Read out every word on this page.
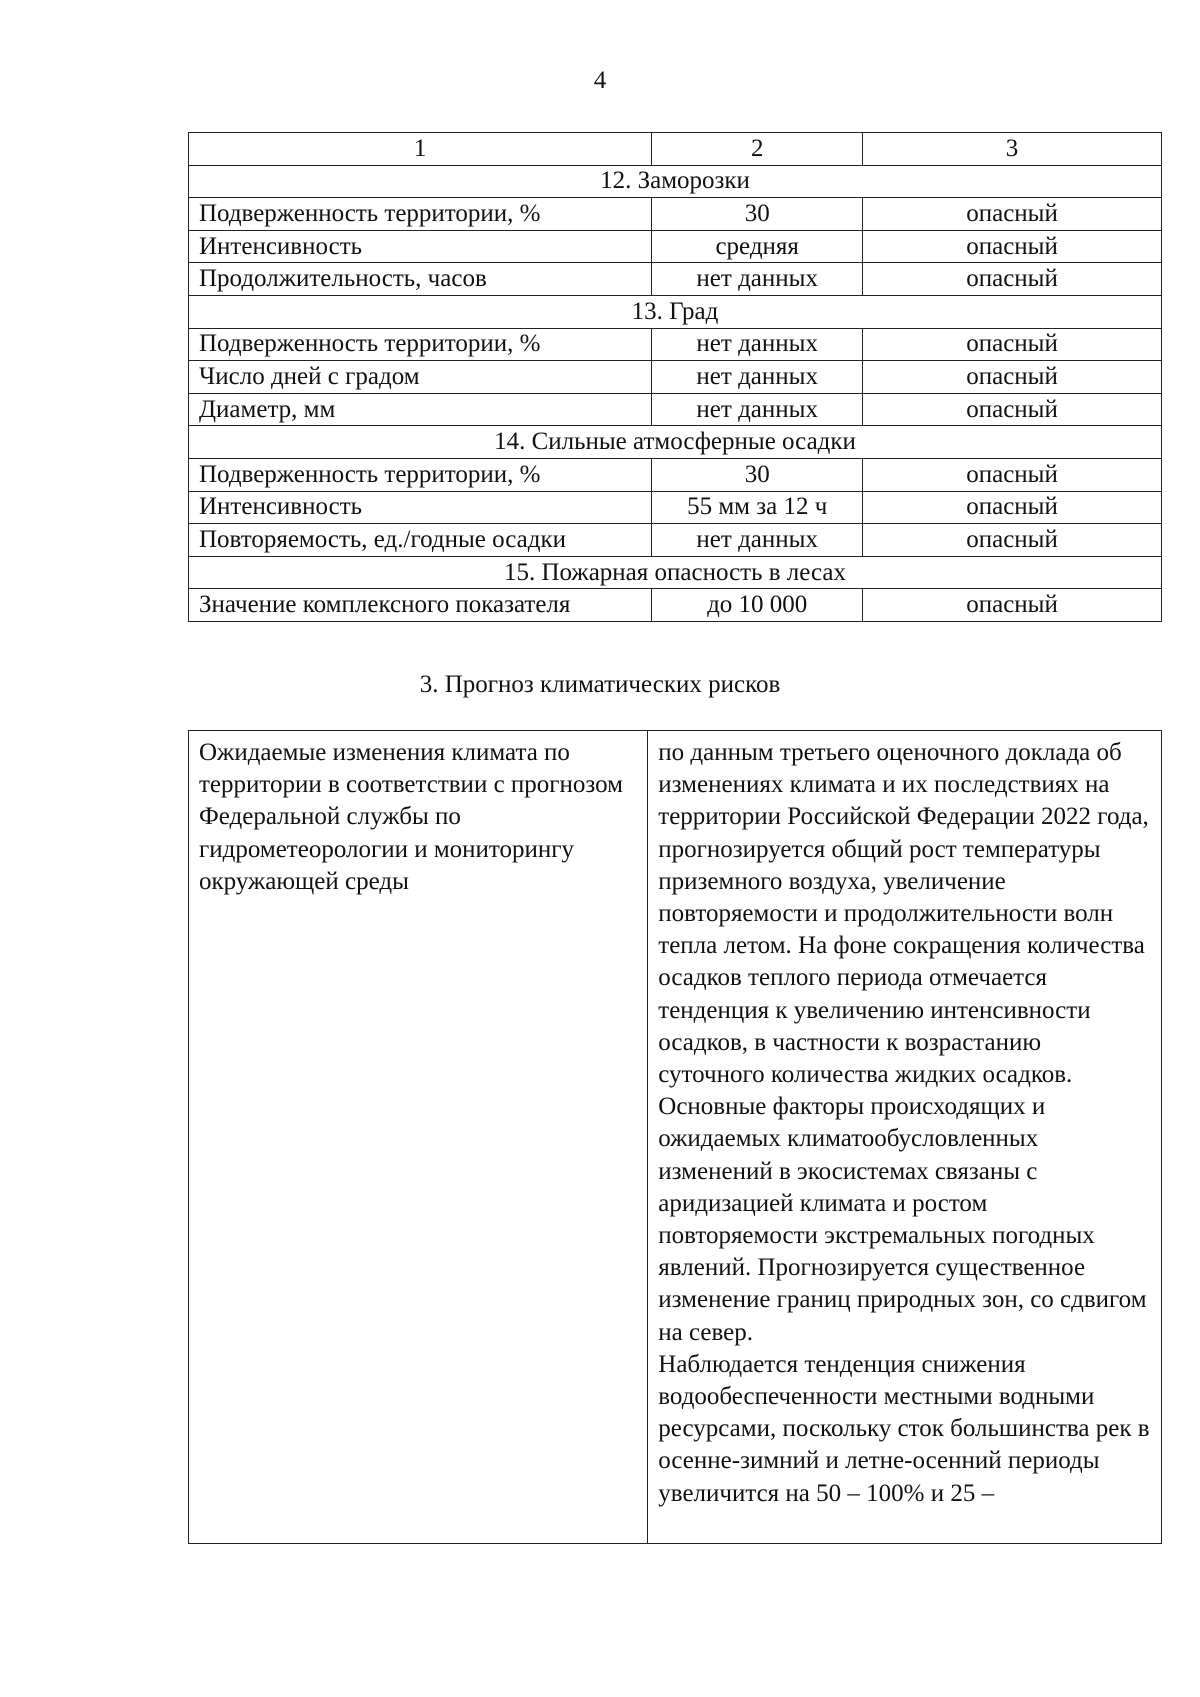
4
1	2	3
12. Заморозки		
Подверженность территории, %	30	опасный
Интенсивность	средняя	опасный
Продолжительность, часов	нет данных	опасный
13. Град		
Подверженность территории, %	нет данных	опасный
Число дней с градом	нет данных	опасный
Диаметр, мм	нет данных	опасный
14. Сильные атмосферные осадки		
Подверженность территории, %	30	опасный
Интенсивность	55 мм за 12 ч	опасный
Повторяемость, ед./годные осадки	нет данных	опасный
15. Пожарная опасность в лесах		
Значение комплексного показателя	до 10 000	опасный
3. Прогноз климатических рисков
Ожидаемые изменения климата по территории в соответствии с прогнозом Федеральной службы по гидрометеорологии и мониторингу окружающей среды	

по данным третьего оценочного доклада об изменениях климата и их последствиях на территории Российской Федерации 2022 года, прогнозируется общий рост температуры приземного воздуха, увеличение повторяемости и продолжительности волн тепла летом. На фоне сокращения количества осадков теплого периода отмечается тенденция к увеличению интенсивности осадков, в частности к возрастанию суточного количества жидких осадков.

Основные факторы происходящих и ожидаемых климатообусловленных изменений в экосистемах связаны с аридизацией климата и ростом повторяемости экстремальных погодных явлений. Прогнозируется существенное изменение границ природных зон, со сдвигом на север.

Наблюдается тенденция снижения водообеспеченности местными водными ресурсами, поскольку сток большинства рек в осенне-зимний и летне-осенний периоды увеличится на 50 – 100% и 25 –
